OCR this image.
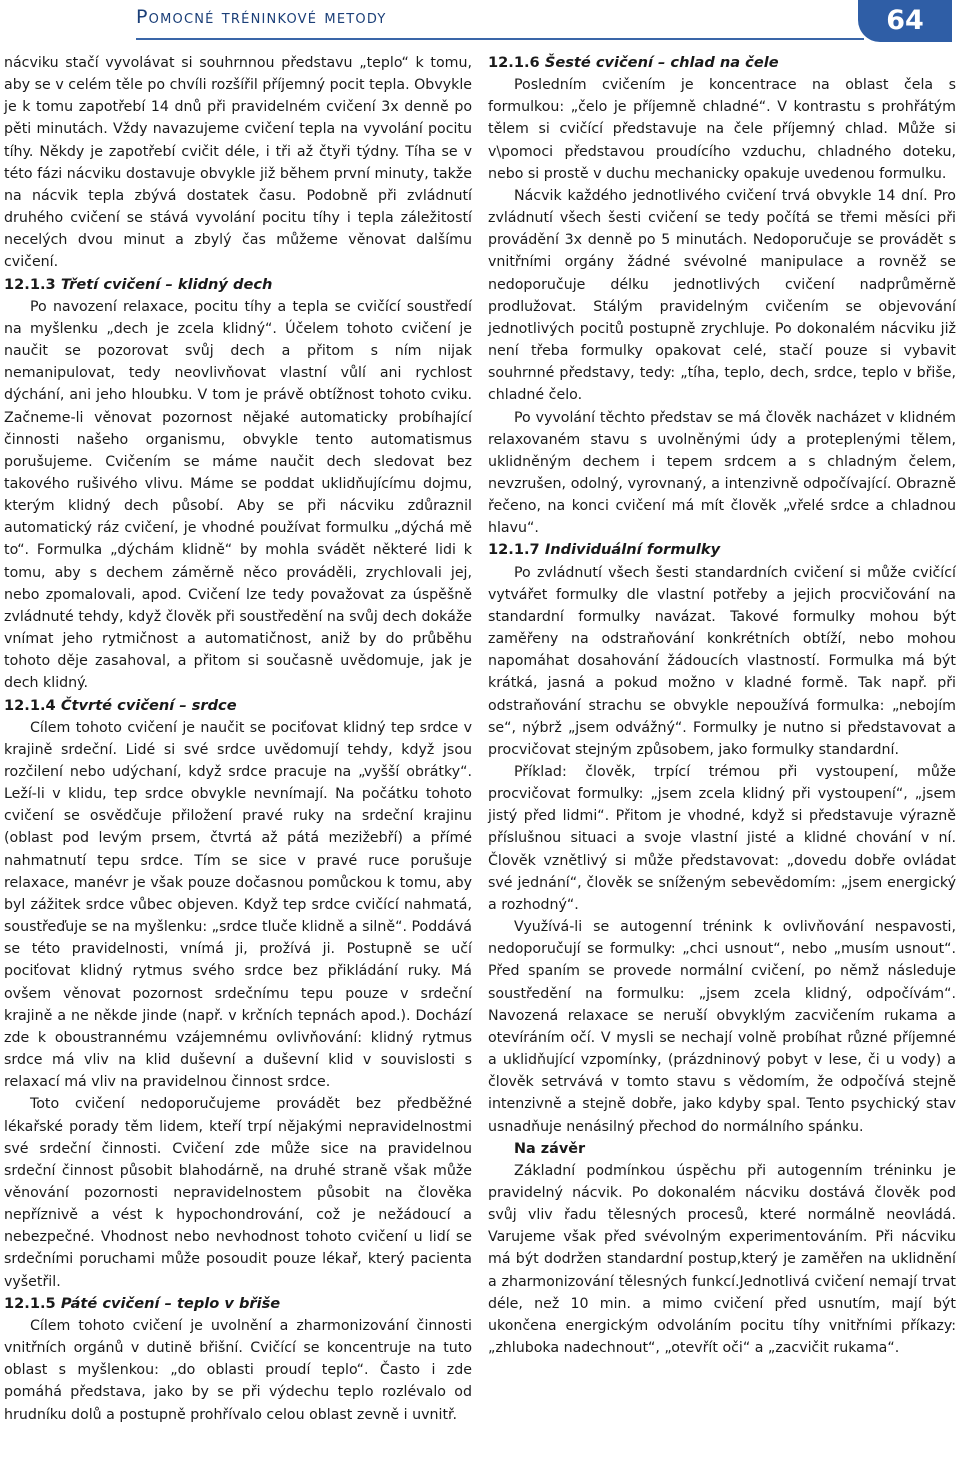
Pomocné tréninkové metody	64

nácviku stačí vyvolávat si souhrnnou představu „teplo“ k tomu, aby se v celém těle po chvíli rozšířil příjemný pocit tepla. Obvykle je k tomu zapotřebí 14 dnů při pravidelném cvičení 3x denně po pěti minutách. Vždy navazujeme cvičení tepla na vyvolání pocitu tíhy. Někdy je zapotřebí cvičit déle, i tři až čtyři týdny. Tíha se v této fázi nácviku dostavuje obvykle již během první minuty, takže na nácvik tepla zbývá dostatek času. Podobně při zvládnutí druhého cvičení se stává vyvolání pocitu tíhy i tepla záležitostí necelých dvou minut a zbylý čas můžeme věnovat dalšímu cvičení.

12.1.3 Třetí cvičení – klidný dech

Po navození relaxace, pocitu tíhy a tepla se cvičící soustředí na myšlenku „dech je zcela klidný“. Účelem tohoto cvičení je naučit se pozorovat svůj dech a přitom s ním nijak nemanipulovat, tedy neovlivňovat vlastní vůlí ani rychlost dýchání, ani jeho hloubku. V tom je právě obtížnost tohoto cviku. Začneme-li věnovat pozornost nějaké automaticky probíhající činnosti našeho organismu, obvykle tento automatismus porušujeme. Cvičením se máme naučit dech sledovat bez takového rušivého vlivu. Máme se poddat uklidňujícímu dojmu, kterým klidný dech působí. Aby se při nácviku zdůraznil automatický ráz cvičení, je vhodné používat formulku „dýchá mě to“. Formulka „dýchám klidně“ by mohla svádět některé lidi k tomu, aby s dechem záměrně něco prováděli, zrychlovali jej, nebo zpomalovali, apod. Cvičení lze tedy považovat za úspěšně zvládnuté tehdy, když člověk při soustředění na svůj dech dokáže vnímat jeho rytmičnost a automatičnost, aniž by do průběhu tohoto děje zasahoval, a přitom si současně uvědomuje, jak je dech klidný.

12.1.4 Čtvrté cvičení – srdce

Cílem tohoto cvičení je naučit se pociťovat klidný tep srdce v krajině srdeční. Lidé si své srdce uvědomují tehdy, když jsou rozčilení nebo udýchaní, když srdce pracuje na „vyšší obrátky“. Leží-li v klidu, tep srdce obvykle nevnímají. Na počátku tohoto cvičení se osvědčuje přiložení pravé ruky na srdeční krajinu (oblast pod levým prsem, čtvrtá až pátá mezižebří) a přímé nahmatnutí tepu srdce. Tím se sice v pravé ruce porušuje relaxace, manévr je však pouze dočasnou pomůckou k tomu, aby byl zážitek srdce vůbec objeven. Když tep srdce cvičící nahmatá, soustřeďuje se na myšlenku: „srdce tluče klidně a silně“. Poddává se této pravidelnosti, vnímá ji, prožívá ji. Postupně se učí pociťovat klidný rytmus svého srdce bez přikládání ruky. Má ovšem věnovat pozornost srdečnímu tepu pouze v srdeční krajině a ne někde jinde (např. v krčních tepnách apod.). Dochází zde k oboustrannému vzájemnému ovlivňování: klidný rytmus srdce má vliv na klid duševní a duševní klid v souvislosti s relaxací má vliv na pravidelnou činnost srdce.

Toto cvičení nedoporučujeme provádět bez předběžné lékařské porady těm lidem, kteří trpí nějakými nepravidelnostmi své srdeční činnosti. Cvičení zde může sice na pravidelnou srdeční činnost působit blahodárně, na druhé straně však může věnování pozornosti nepravidelnostem působit na člověka nepříznivě a vést k hypochondrování, což je nežádoucí a nebezpečné. Vhodnost nebo nevhodnost tohoto cvičení u lidí se srdečními poruchami může posoudit pouze lékař, který pacienta vyšetřil.

12.1.5 Páté cvičení – teplo v břiše

Cílem tohoto cvičení je uvolnění a zharmonizování činnosti vnitřních orgánů v dutině břišní. Cvičící se koncentruje na tuto oblast s myšlenkou: „do oblasti proudí teplo“. Často i zde pomáhá představa, jako by se při výdechu teplo rozlévalo od hrudníku dolů a postupně prohřívalo celou oblast zevně i uvnitř.

12.1.6 Šesté cvičení – chlad na čele

Posledním cvičením je koncentrace na oblast čela s formulkou: „čelo je příjemně chladné“. V kontrastu s prohřátým tělem si cvičící představuje na čele příjemný chlad. Může si v\pomoci představou proudícího vzduchu, chladného doteku, nebo si prostě v duchu mechanicky opakuje uvedenou formulku.

Nácvik každého jednotlivého cvičení trvá obvykle 14 dní. Pro zvládnutí všech šesti cvičení se tedy počítá se třemi měsíci při provádění 3x denně po 5 minutách. Nedoporučuje se provádět s vnitřními orgány žádné svévolné manipulace a rovněž se nedoporučuje délku jednotlivých cvičení nadprůměrně prodlužovat. Stálým pravidelným cvičením se objevování jednotlivých pocitů postupně zrychluje. Po dokonalém nácviku již není třeba formulky opakovat celé, stačí pouze si vybavit souhrnné představy, tedy: „tíha, teplo, dech, srdce, teplo v břiše, chladné čelo.

Po vyvolání těchto představ se má člověk nacházet v klidném relaxovaném stavu s uvolněnými údy a proteplenými tělem, uklidněným dechem i tepem srdcem a s chladným čelem, nevzrušen, odolný, vyrovnaný, a intenzivně odpočívající. Obrazně řečeno, na konci cvičení má mít člověk „vřelé srdce a chladnou hlavu“.

12.1.7 Individuální formulky

Po zvládnutí všech šesti standardních cvičení si může cvičící vytvářet formulky dle vlastní potřeby a jejich procvičování na standardní formulky navázat. Takové formulky mohou být zaměřeny na odstraňování konkrétních obtíží, nebo mohou napomáhat dosahování žádoucích vlastností. Formulka má být krátká, jasná a pokud možno v kladné formě. Tak např. při odstraňování strachu se obvykle nepoužívá formulka: „nebojím se“, nýbrž „jsem odvážný“. Formulky je nutno si představovat a procvičovat stejným způsobem, jako formulky standardní.

Příklad: člověk, trpící trémou při vystoupení, může procvičovat formulky: „jsem zcela klidný při vystoupení“, „jsem jistý před lidmi“. Přitom je vhodné, když si představuje výrazně příslušnou situaci a svoje vlastní jisté a klidné chování v ní. Člověk vznětlivý si může představovat: „dovedu dobře ovládat své jednání“, člověk se sníženým sebevědomím: „jsem energický a rozhodný“.

Využívá-li se autogenní trénink k ovlivňování nespavosti, nedoporučují se formulky: „chci usnout“, nebo „musím usnout“. Před spaním se provede normální cvičení, po němž následuje soustředění na formulku: „jsem zcela klidný, odpočívám“. Navozená relaxace se neruší obvyklým zacvičením rukama a otevíráním očí. V mysli se nechají volně probíhat různé příjemné a uklidňující vzpomínky, (prázdninový pobyt v lese, či u vody) a člověk setrvává v tomto stavu s vědomím, že odpočívá stejně intenzivně a stejně dobře, jako kdyby spal. Tento psychický stav usnadňuje nenásilný přechod do normálního spánku.

Na závěr

Základní podmínkou úspěchu při autogenním tréninku je pravidelný nácvik. Po dokonalém nácviku dostává člověk pod svůj vliv řadu tělesných procesů, které normálně neovládá. Varujeme však před svévolným experimentováním. Při nácviku má být dodržen standardní postup,který je zaměřen na uklidnění a zharmonizování tělesných funkcí.Jednotlivá cvičení nemají trvat déle, než 10 min. a mimo cvičení před usnutím, mají být ukončena energickým odvoláním pocitu tíhy vnitřními příkazy: „zhluboka nadechnout“, „otevřít oči“ a „zacvičit rukama“.
